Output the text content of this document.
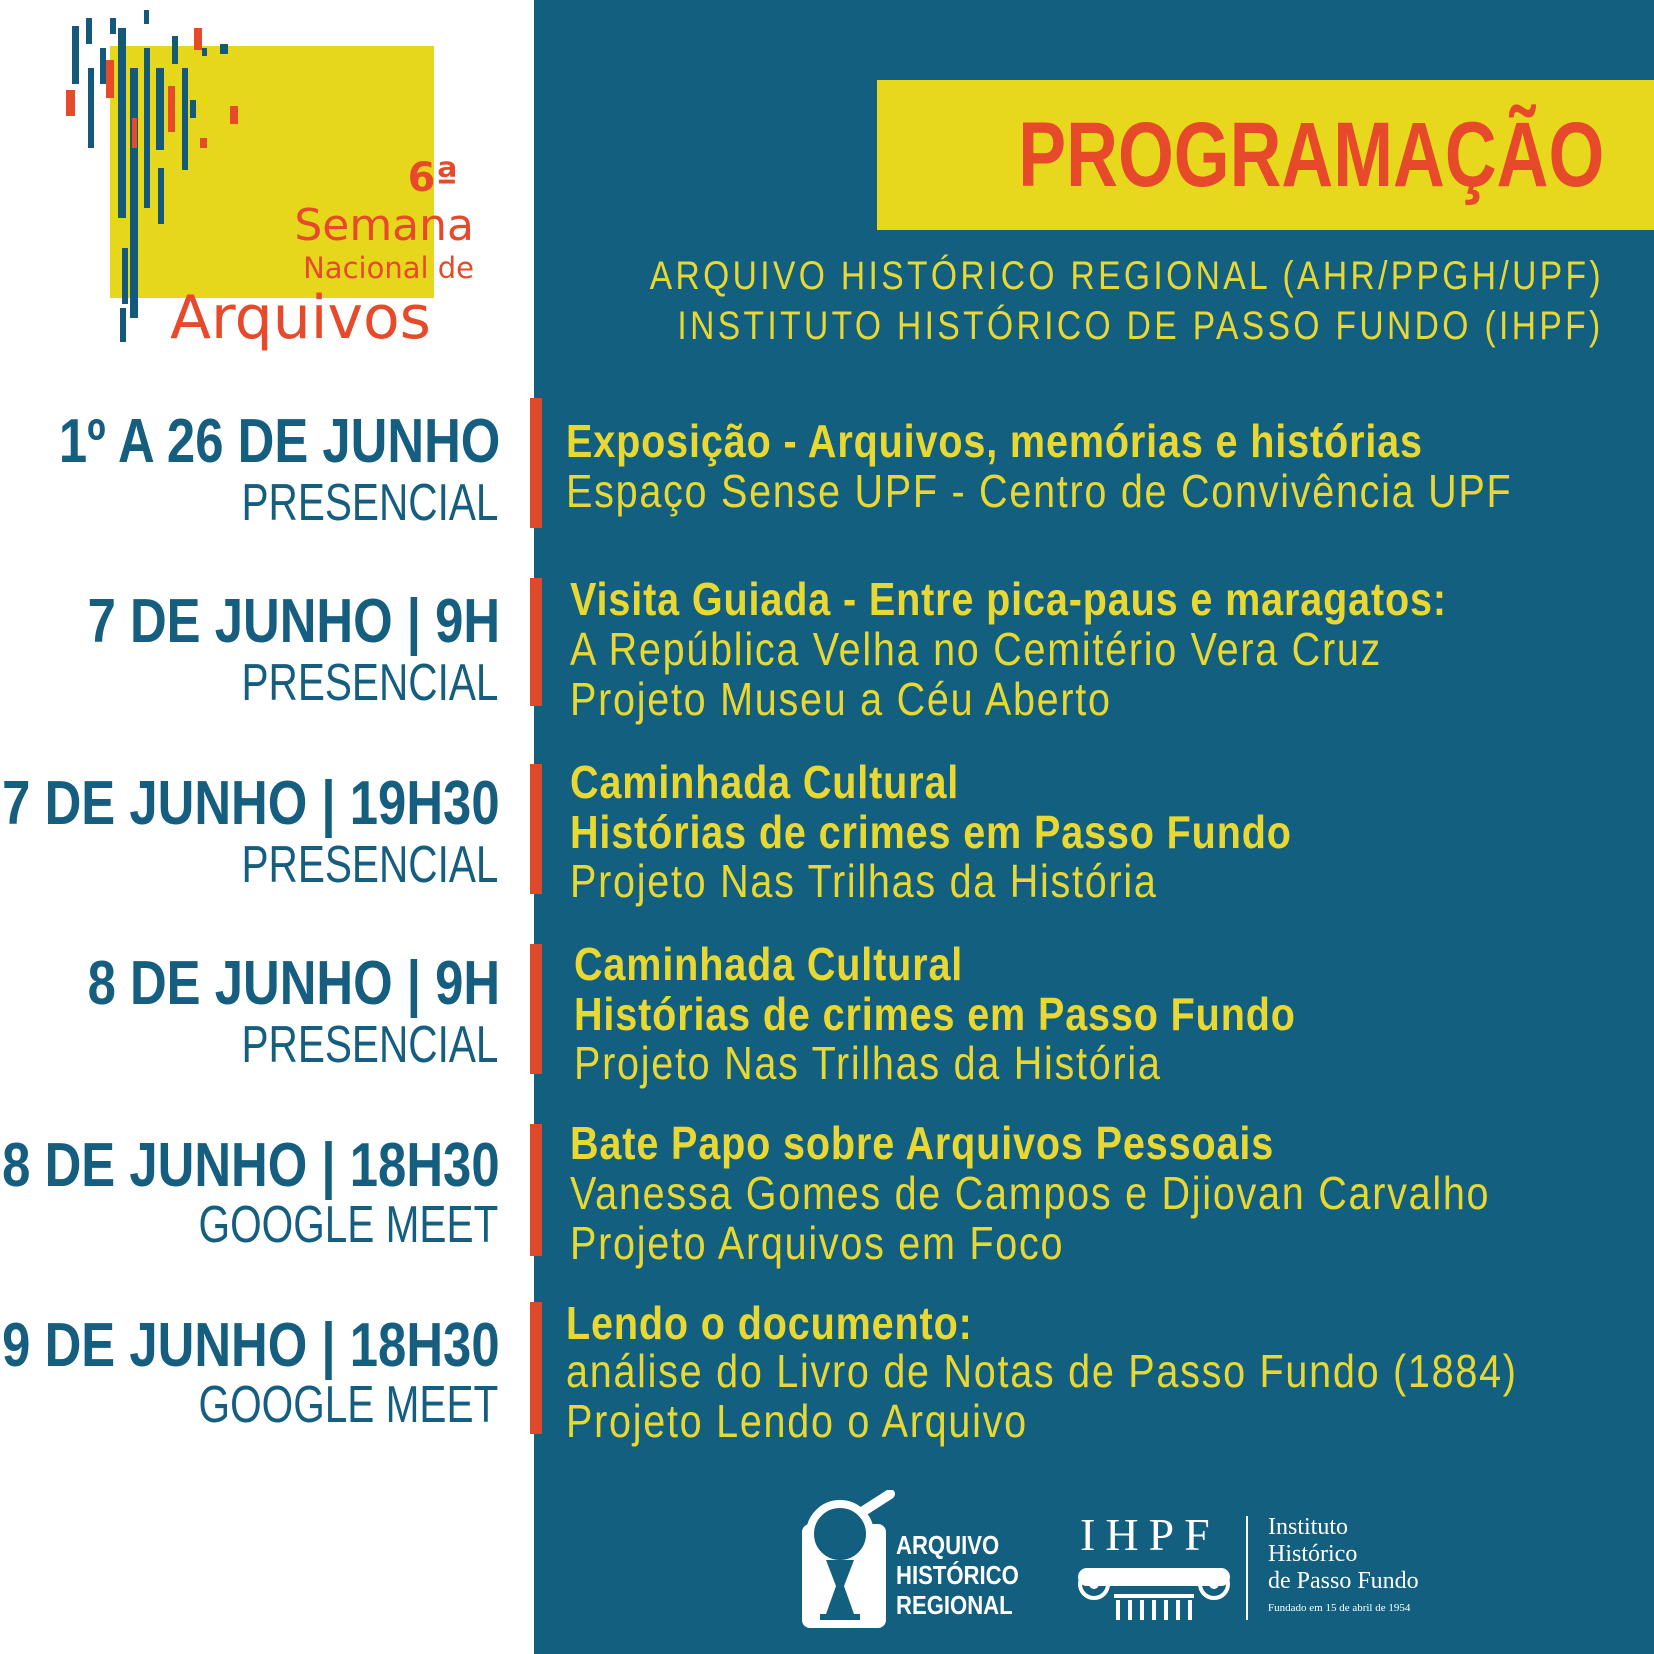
6ª
Semana
Nacional de
Arquivos
PROGRAMAÇÃO
ARQUIVO HISTÓRICO REGIONAL (AHR/PPGH/UPF)
INSTITUTO HISTÓRICO DE PASSO FUNDO (IHPF)
1º A 26 DE JUNHO
PRESENCIAL
Exposição - Arquivos, memórias e histórias
Espaço Sense UPF - Centro de Convivência UPF
7 DE JUNHO | 9H
PRESENCIAL
Visita Guiada - Entre pica-paus e maragatos:
A República Velha no Cemitério Vera Cruz
Projeto Museu a Céu Aberto
7 DE JUNHO | 19H30
PRESENCIAL
Caminhada Cultural
Histórias de crimes em Passo Fundo
Projeto Nas Trilhas da História
8 DE JUNHO | 9H
PRESENCIAL
Caminhada Cultural
Histórias de crimes em Passo Fundo
Projeto Nas Trilhas da História
8 DE JUNHO | 18H30
GOOGLE MEET
Bate Papo sobre Arquivos Pessoais
Vanessa Gomes de Campos e Djiovan Carvalho
Projeto Arquivos em Foco
9 DE JUNHO | 18H30
GOOGLE MEET
Lendo o documento:
análise do Livro de Notas de Passo Fundo (1884)
Projeto Lendo o Arquivo
ARQUIVO
HISTÓRICO
REGIONAL
IHPF Instituto
Histórico
de Passo Fundo
Fundado em 15 de abril de 1954
